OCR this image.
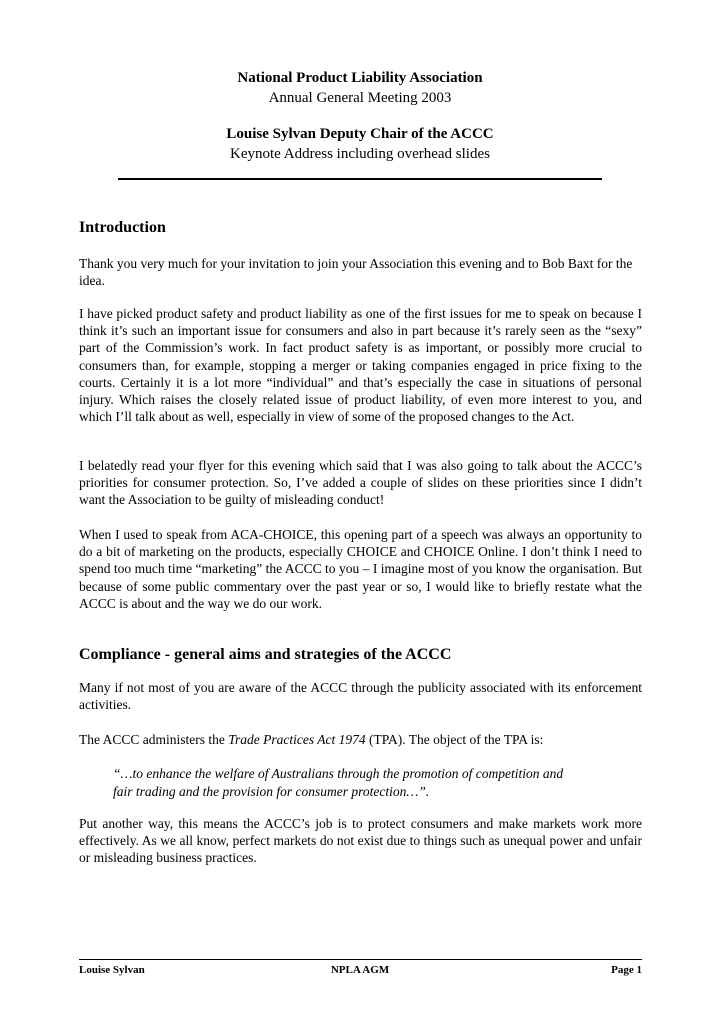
National Product Liability Association
Annual General Meeting 2003
Louise Sylvan Deputy Chair of the ACCC
Keynote Address including overhead slides
Introduction
Thank you very much for your invitation to join your Association this evening and to Bob Baxt for the idea.
I have picked product safety and product liability as one of the first issues for me to speak on because I think it’s such an important issue for consumers and also in part because it’s rarely seen as the “sexy” part of the Commission’s work. In fact product safety is as important, or possibly more crucial to consumers than, for example, stopping a merger or taking companies engaged in price fixing to the courts. Certainly it is a lot more “individual” and that’s especially the case in situations of personal injury. Which raises the closely related issue of product liability, of even more interest to you, and which I’ll talk about as well, especially in view of some of the proposed changes to the Act.
I belatedly read your flyer for this evening which said that I was also going to talk about the ACCC’s priorities for consumer protection. So, I’ve added a couple of slides on these priorities since I didn’t want the Association to be guilty of misleading conduct!
When I used to speak from ACA-CHOICE, this opening part of a speech was always an opportunity to do a bit of marketing on the products, especially CHOICE and CHOICE Online. I don’t think I need to spend too much time “marketing” the ACCC to you – I imagine most of you know the organisation. But because of some public commentary over the past year or so, I would like to briefly restate what the ACCC is about and the way we do our work.
Compliance - general aims and strategies of the ACCC
Many if not most of you are aware of the ACCC through the publicity associated with its enforcement activities.
The ACCC administers the Trade Practices Act 1974 (TPA). The object of the TPA is:
“…to enhance the welfare of Australians through the promotion of competition and
fair trading and the provision for consumer protection…”.
Put another way, this means the ACCC’s job is to protect consumers and make markets work more effectively. As we all know, perfect markets do not exist due to things such as unequal power and unfair or misleading business practices.
Louise Sylvan	NPLA AGM	Page 1
